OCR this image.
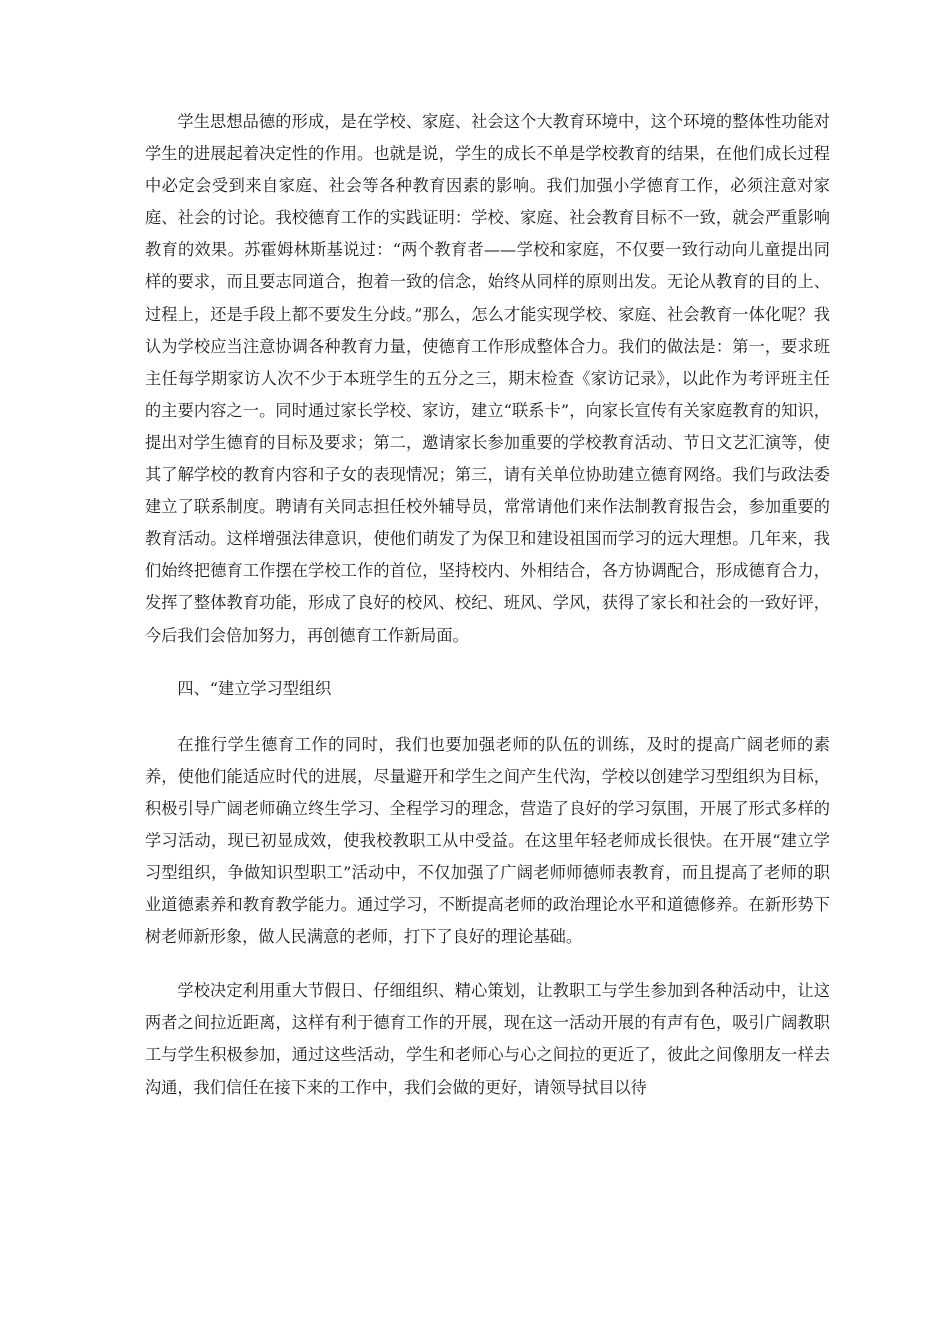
学生思想品德的形成，是在学校、家庭、社会这个大教育环境中，这个环境的整体性功能对学生的进展起着决定性的作用。也就是说，学生的成长不单是学校教育的结果，在他们成长过程中必定会受到来自家庭、社会等各种教育因素的影响。我们加强小学德育工作，必须注意对家庭、社会的讨论。我校德育工作的实践证明：学校、家庭、社会教育目标不一致，就会严重影响教育的效果。苏霍姆林斯基说过：“两个教育者——学校和家庭，不仅要一致行动向儿童提出同样的要求，而且要志同道合，抱着一致的信念，始终从同样的原则出发。无论从教育的目的上、过程上，还是手段上都不要发生分歧。”那么，怎么才能实现学校、家庭、社会教育一体化呢？我认为学校应当注意协调各种教育力量，使德育工作形成整体合力。我们的做法是：第一，要求班主任每学期家访人次不少于本班学生的五分之三，期末检查《家访记录》，以此作为考评班主任的主要内容之一。同时通过家长学校、家访，建立“联系卡”，向家长宣传有关家庭教育的知识，提出对学生德育的目标及要求；第二，邀请家长参加重要的学校教育活动、节日文艺汇演等，使其了解学校的教育内容和子女的表现情况；第三，请有关单位协助建立德育网络。我们与政法委建立了联系制度。聘请有关同志担任校外辅导员，常常请他们来作法制教育报告会，参加重要的教育活动。这样增强法律意识，使他们萌发了为保卫和建设祖国而学习的远大理想。几年来，我们始终把德育工作摆在学校工作的首位，坚持校内、外相结合，各方协调配合，形成德育合力，发挥了整体教育功能，形成了良好的校风、校纪、班风、学风，获得了家长和社会的一致好评，今后我们会倍加努力，再创德育工作新局面。

四、“建立学习型组织

在推行学生德育工作的同时，我们也要加强老师的队伍的训练，及时的提高广阔老师的素养，使他们能适应时代的进展，尽量避开和学生之间产生代沟，学校以创建学习型组织为目标，积极引导广阔老师确立终生学习、全程学习的理念，营造了良好的学习氛围，开展了形式多样的学习活动，现已初显成效，使我校教职工从中受益。在这里年轻老师成长很快。在开展“建立学习型组织，争做知识型职工”活动中，不仅加强了广阔老师师德师表教育，而且提高了老师的职业道德素养和教育教学能力。通过学习，不断提高老师的政治理论水平和道德修养。在新形势下树老师新形象，做人民满意的老师，打下了良好的理论基础。

学校决定利用重大节假日、仔细组织、精心策划，让教职工与学生参加到各种活动中，让这两者之间拉近距离，这样有利于德育工作的开展，现在这一活动开展的有声有色，吸引广阔教职工与学生积极参加，通过这些活动，学生和老师心与心之间拉的更近了，彼此之间像朋友一样去沟通，我们信任在接下来的工作中，我们会做的更好，请领导拭目以待
